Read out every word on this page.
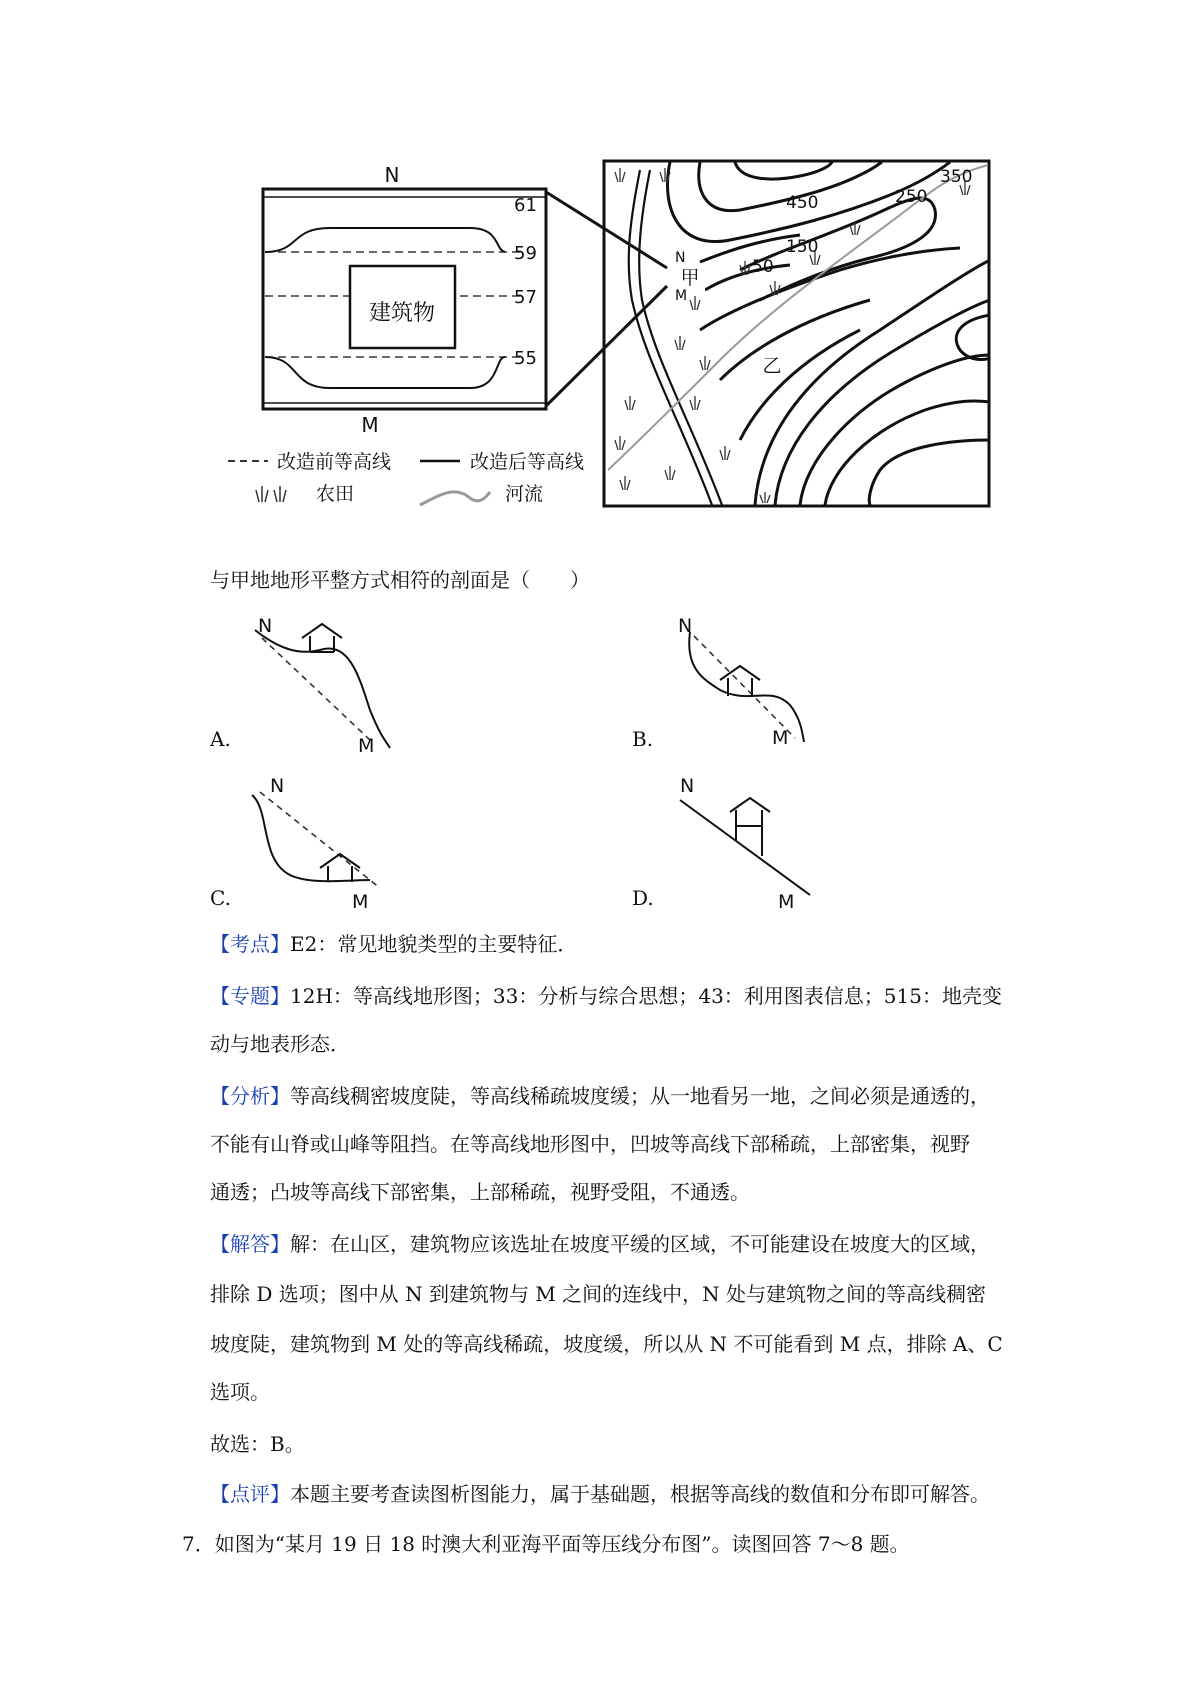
建筑物
N
M
61
59
57
55
改造前等高线	改造后等高线
农田	河流
甲
乙
350
450	250
150
50
N
M
与甲地地形平整方式相符的剖面是（　　）
N
M
A.
N
M
B.
N
M
C.
N
M
D.
【考点】E2：常见地貌类型的主要特征．
【专题】12H：等高线地形图；33：分析与综合思想；43：利用图表信息；515：地壳变
动与地表形态．
【分析】等高线稠密坡度陡，等高线稀疏坡度缓；从一地看另一地，之间必须是通透的，
不能有山脊或山峰等阻挡。在等高线地形图中，凹坡等高线下部稀疏，上部密集，视野
通透；凸坡等高线下部密集，上部稀疏，视野受阻，不通透。
【解答】解：在山区，建筑物应该选址在坡度平缓的区域，不可能建设在坡度大的区域，
排除 D 选项；图中从 N 到建筑物与 M 之间的连线中，N 处与建筑物之间的等高线稠密
坡度陡，建筑物到 M 处的等高线稀疏，坡度缓，所以从 N 不可能看到 M 点，排除 A、C
选项。
故选：B。
【点评】本题主要考查读图析图能力，属于基础题，根据等高线的数值和分布即可解答。
7．如图为“某月 19 日 18 时澳大利亚海平面等压线分布图”。读图回答 7～8 题。
